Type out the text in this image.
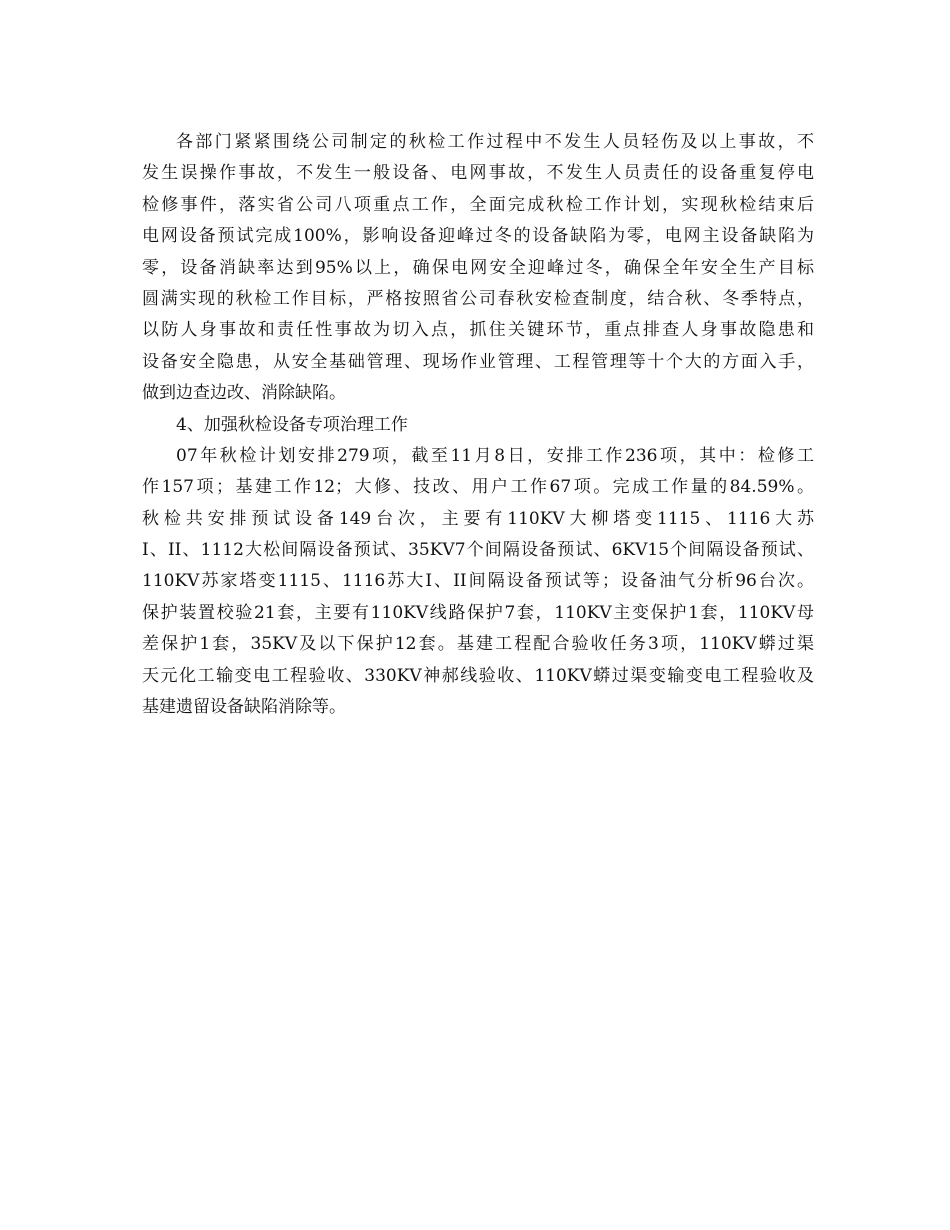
各部门紧紧围绕公司制定的秋检工作过程中不发生人员轻伤及以上事故，不
发生误操作事故，不发生一般设备、电网事故，不发生人员责任的设备重复停电
检修事件，落实省公司八项重点工作，全面完成秋检工作计划，实现秋检结束后
电网设备预试完成100%，影响设备迎峰过冬的设备缺陷为零，电网主设备缺陷为
零，设备消缺率达到95%以上，确保电网安全迎峰过冬，确保全年安全生产目标
圆满实现的秋检工作目标，严格按照省公司春秋安检查制度，结合秋、冬季特点，
以防人身事故和责任性事故为切入点，抓住关键环节，重点排查人身事故隐患和
设备安全隐患，从安全基础管理、现场作业管理、工程管理等十个大的方面入手，
做到边查边改、消除缺陷。
4、加强秋检设备专项治理工作
07年秋检计划安排279项，截至11月8日，安排工作236项，其中：检修工
作157项；基建工作12；大修、技改、用户工作67项。完成工作量的84.59%。
秋检共安排预试设备149台次，主要有110KV大柳塔变1115、1116大苏
I、II、1112大松间隔设备预试、35KV7个间隔设备预试、6KV15个间隔设备预试、
110KV苏家塔变1115、1116苏大I、II间隔设备预试等；设备油气分析96台次。
保护装置校验21套，主要有110KV线路保护7套，110KV主变保护1套，110KV母
差保护1套，35KV及以下保护12套。基建工程配合验收任务3项，110KV蟒过渠
天元化工输变电工程验收、330KV神郝线验收、110KV蟒过渠变输变电工程验收及
基建遗留设备缺陷消除等。
